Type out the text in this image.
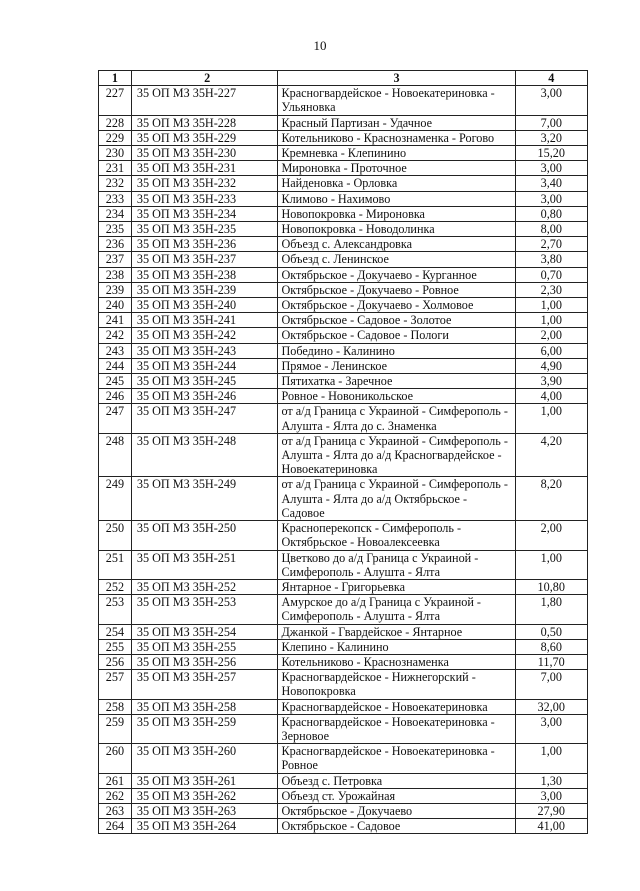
10
1	2	3	4
227	35 ОП МЗ 35Н-227	Красногвардейское - Новоекатериновка - Ульяновка	3,00
228	35 ОП МЗ 35Н-228	Красный Партизан - Удачное	7,00
229	35 ОП МЗ 35Н-229	Котельниково - Краснознаменка - Рогово	3,20
230	35 ОП МЗ 35Н-230	Кремневка - Клепинино	15,20
231	35 ОП МЗ 35Н-231	Мироновка - Проточное	3,00
232	35 ОП МЗ 35Н-232	Найденовка - Орловка	3,40
233	35 ОП МЗ 35Н-233	Климово - Нахимово	3,00
234	35 ОП МЗ 35Н-234	Новопокровка - Мироновка	0,80
235	35 ОП МЗ 35Н-235	Новопокровка - Новодолинка	8,00
236	35 ОП МЗ 35Н-236	Объезд с. Александровка	2,70
237	35 ОП МЗ 35Н-237	Объезд с. Ленинское	3,80
238	35 ОП МЗ 35Н-238	Октябрьское - Докучаево - Курганное	0,70
239	35 ОП МЗ 35Н-239	Октябрьское - Докучаево - Ровное	2,30
240	35 ОП МЗ 35Н-240	Октябрьское - Докучаево - Холмовое	1,00
241	35 ОП МЗ 35Н-241	Октябрьское - Садовое - Золотое	1,00
242	35 ОП МЗ 35Н-242	Октябрьское - Садовое - Пологи	2,00
243	35 ОП МЗ 35Н-243	Побединo - Калинино	6,00
244	35 ОП МЗ 35Н-244	Прямое - Ленинское	4,90
245	35 ОП МЗ 35Н-245	Пятихатка - Заречное	3,90
246	35 ОП МЗ 35Н-246	Ровное - Новоникольское	4,00
247	35 ОП МЗ 35Н-247	от а/д Граница с Украиной - Симферополь - Алушта - Ялта до с. Знаменка	1,00
248	35 ОП МЗ 35Н-248	от а/д Граница с Украиной - Симферополь - Алушта - Ялта до а/д Красногвардейское - Новоекатериновка	4,20
249	35 ОП МЗ 35Н-249	от а/д Граница с Украиной - Симферополь - Алушта - Ялта до а/д Октябрьское - Садовое	8,20
250	35 ОП МЗ 35Н-250	Красноперекопск - Симферополь - Октябрьское - Новоалексеевка	2,00
251	35 ОП МЗ 35Н-251	Цветково до а/д Граница с Украиной - Симферополь - Алушта - Ялта	1,00
252	35 ОП МЗ 35Н-252	Янтарное - Григорьевка	10,80
253	35 ОП МЗ 35Н-253	Амурское до а/д Граница с Украиной - Симферополь - Алушта - Ялта	1,80
254	35 ОП МЗ 35Н-254	Джанкой - Гвардейское - Янтарное	0,50
255	35 ОП МЗ 35Н-255	Клепино - Калинино	8,60
256	35 ОП МЗ 35Н-256	Котельниково - Краснознаменка	11,70
257	35 ОП МЗ 35Н-257	Красногвардейское - Нижнегорский - Новопокровка	7,00
258	35 ОП МЗ 35Н-258	Красногвардейское - Новоекатериновка	32,00
259	35 ОП МЗ 35Н-259	Красногвардейское - Новоекатериновка - Зерновое	3,00
260	35 ОП МЗ 35Н-260	Красногвардейское - Новоекатериновка - Ровное	1,00
261	35 ОП МЗ 35Н-261	Объезд с. Петровка	1,30
262	35 ОП МЗ 35Н-262	Объезд ст. Урожайная	3,00
263	35 ОП МЗ 35Н-263	Октябрьское - Докучаево	27,90
264	35 ОП МЗ 35Н-264	Октябрьское - Садовое	41,00
